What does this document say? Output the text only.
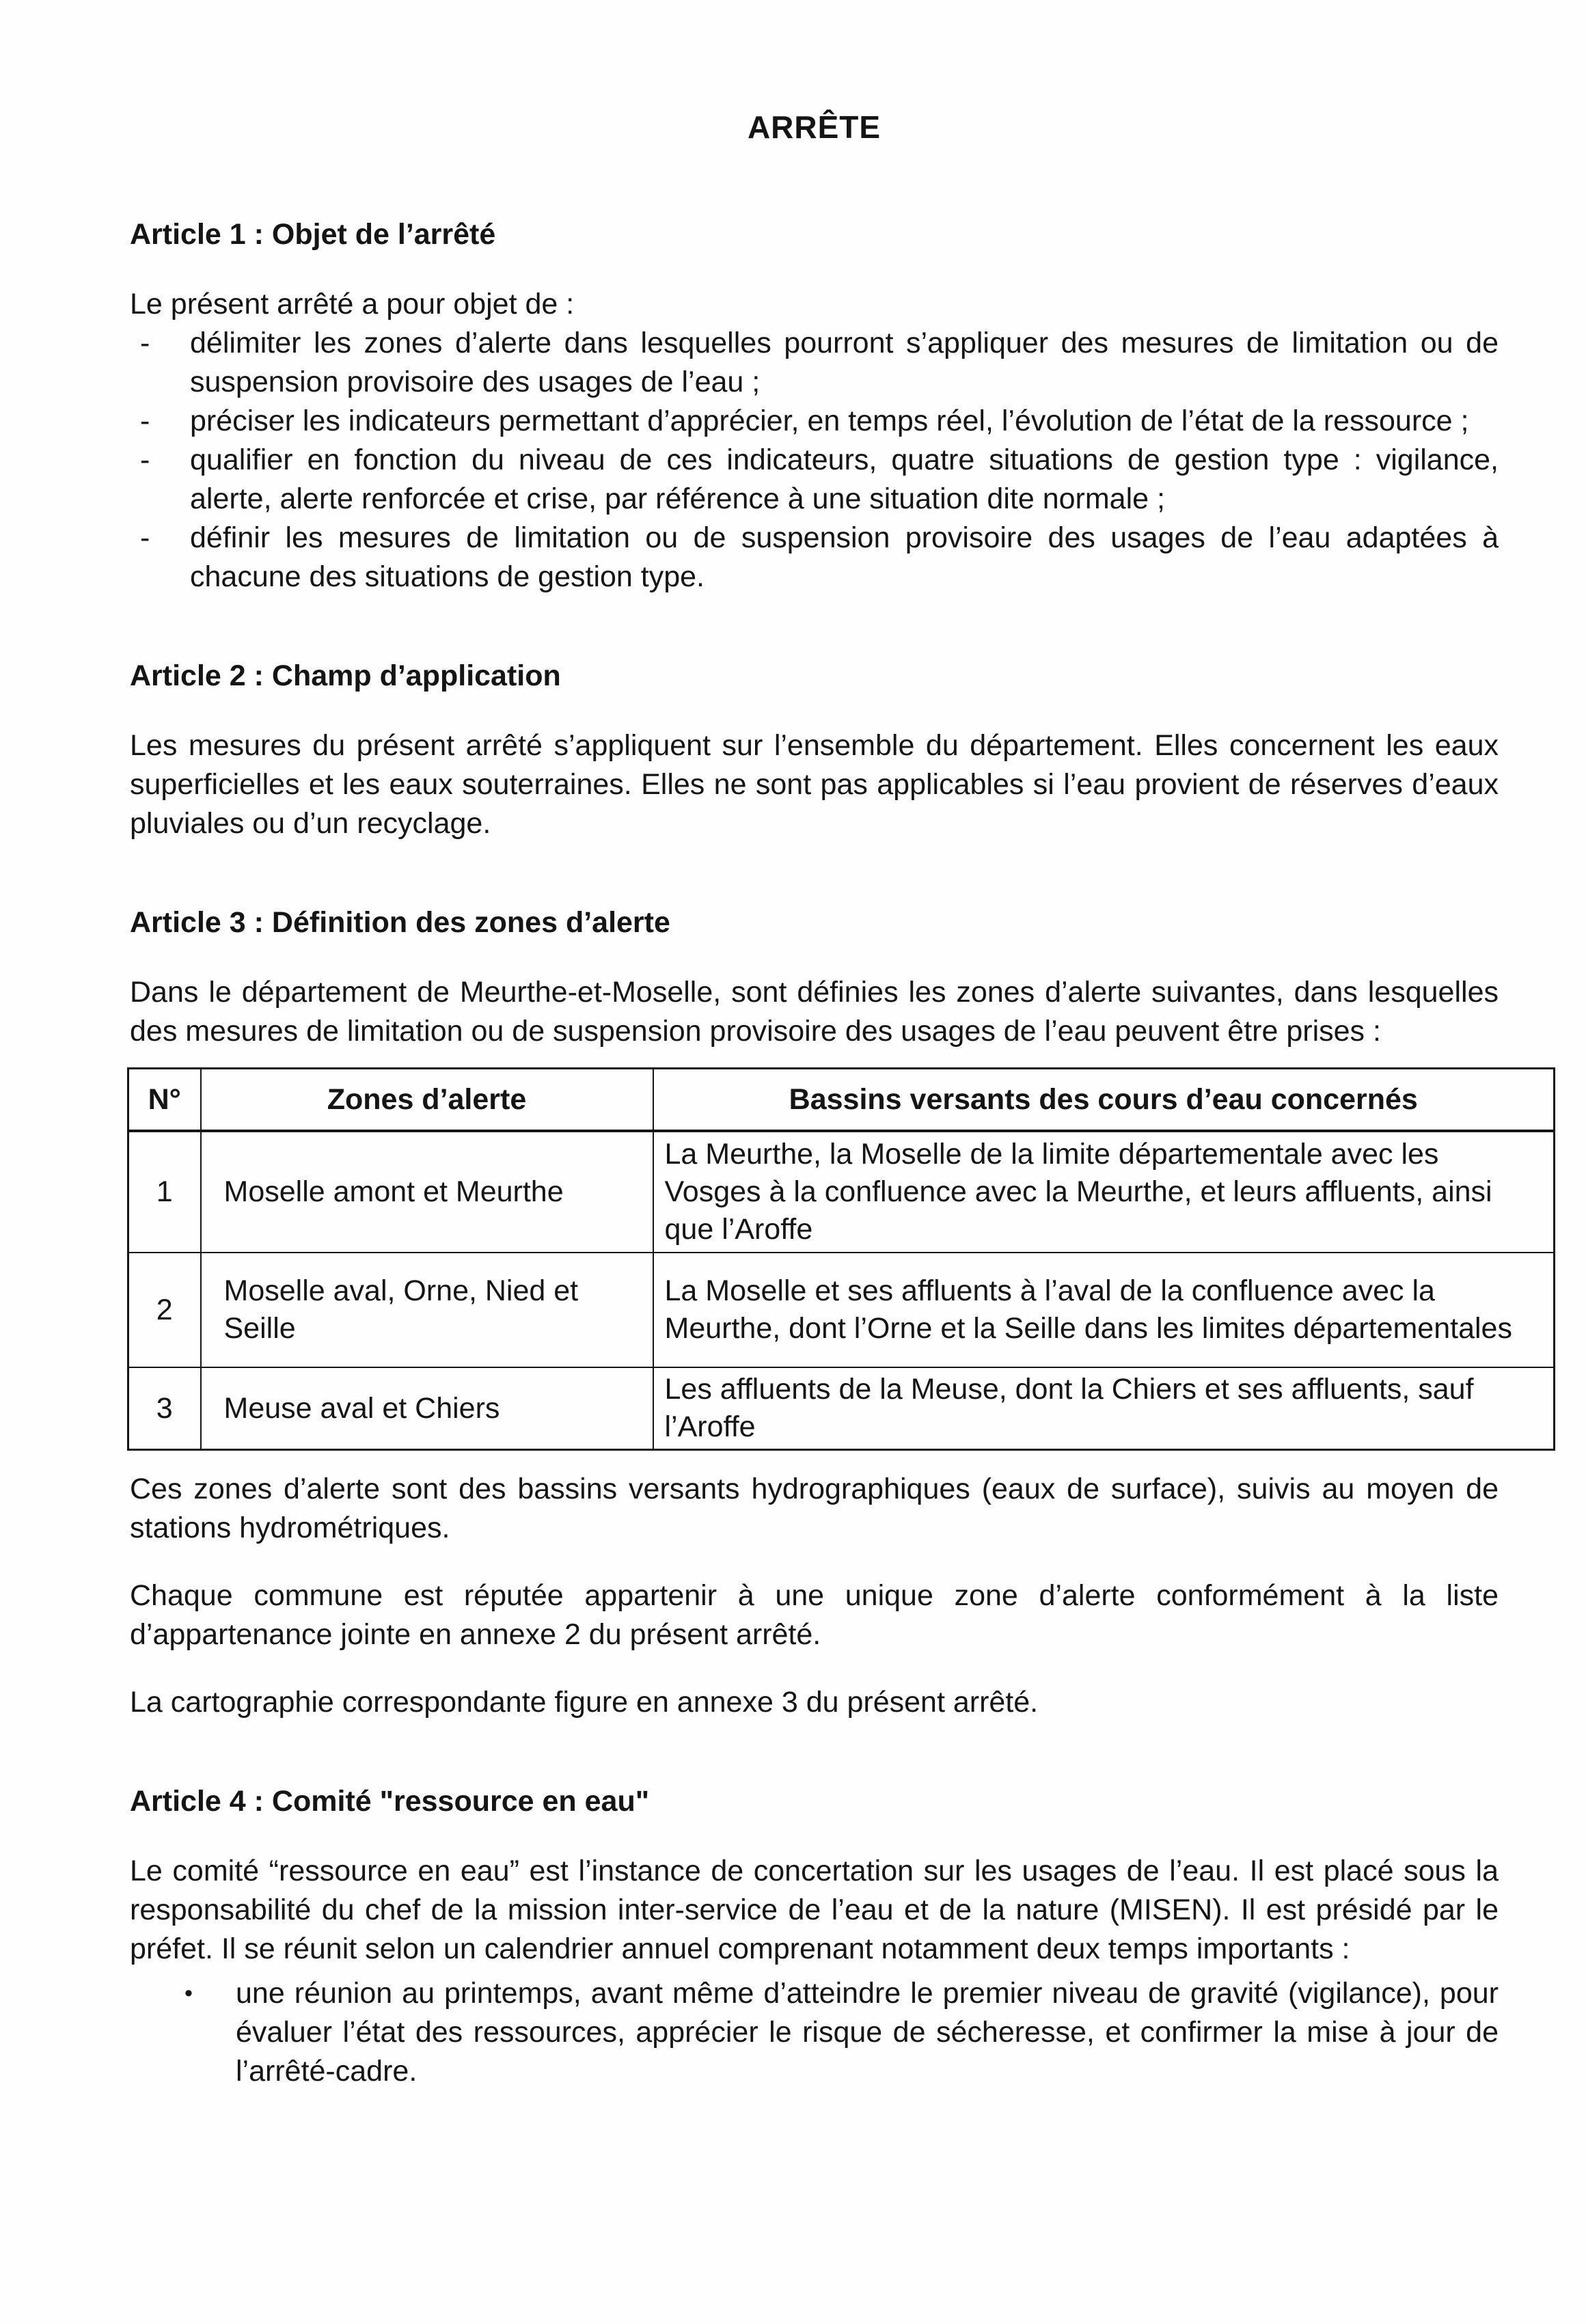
ARRÊTE
Article 1 : Objet de l’arrêté

Le présent arrêté a pour objet de :

-	délimiter les zones d’alerte dans lesquelles pourront s’appliquer des mesures de limitation ou de suspension provisoire des usages de l’eau ;
-	préciser les indicateurs permettant d’apprécier, en temps réel, l’évolution de l’état de la ressource ;
-	qualifier en fonction du niveau de ces indicateurs, quatre situations de gestion type : vigilance, alerte, alerte renforcée et crise, par référence à une situation dite normale ;
-	définir les mesures de limitation ou de suspension provisoire des usages de l’eau adaptées à chacune des situations de gestion type.
Article 2 : Champ d’application

Les mesures du présent arrêté s’appliquent sur l’ensemble du département. Elles concernent les eaux superficielles et les eaux souterraines. Elles ne sont pas applicables si l’eau provient de réserves d’eaux pluviales ou d’un recyclage.

Article 3 : Définition des zones d’alerte

Dans le département de Meurthe-et-Moselle, sont définies les zones d’alerte suivantes, dans lesquelles des mesures de limitation ou de suspension provisoire des usages de l’eau peuvent être prises :

N°	Zones d’alerte	Bassins versants des cours d’eau concernés
1	Moselle amont et Meurthe	La Meurthe, la Moselle de la limite départementale avec les Vosges à la confluence avec la Meurthe, et leurs affluents, ainsi que l’Aroffe
2	Moselle aval, Orne, Nied et Seille	La Moselle et ses affluents à l’aval de la confluence avec la Meurthe, dont l’Orne et la Seille dans les limites départementales
3	Meuse aval et Chiers	Les affluents de la Meuse, dont la Chiers et ses affluents, sauf l’Aroffe

Ces zones d’alerte sont des bassins versants hydrographiques (eaux de surface), suivis au moyen de stations hydrométriques.

Chaque commune est réputée appartenir à une unique zone d’alerte conformément à la liste d’appartenance jointe en annexe 2 du présent arrêté.

La cartographie correspondante figure en annexe 3 du présent arrêté.

Article 4 : Comité "ressource en eau"

Le comité “ressource en eau” est l’instance de concertation sur les usages de l’eau. Il est placé sous la responsabilité du chef de la mission inter-service de l’eau et de la nature (MISEN). Il est présidé par le préfet. Il se réunit selon un calendrier annuel comprenant notamment deux temps importants :

•	une réunion au printemps, avant même d’atteindre le premier niveau de gravité (vigilance), pour évaluer l’état des ressources, apprécier le risque de sécheresse, et confirmer la mise à jour de l’arrêté-cadre.
